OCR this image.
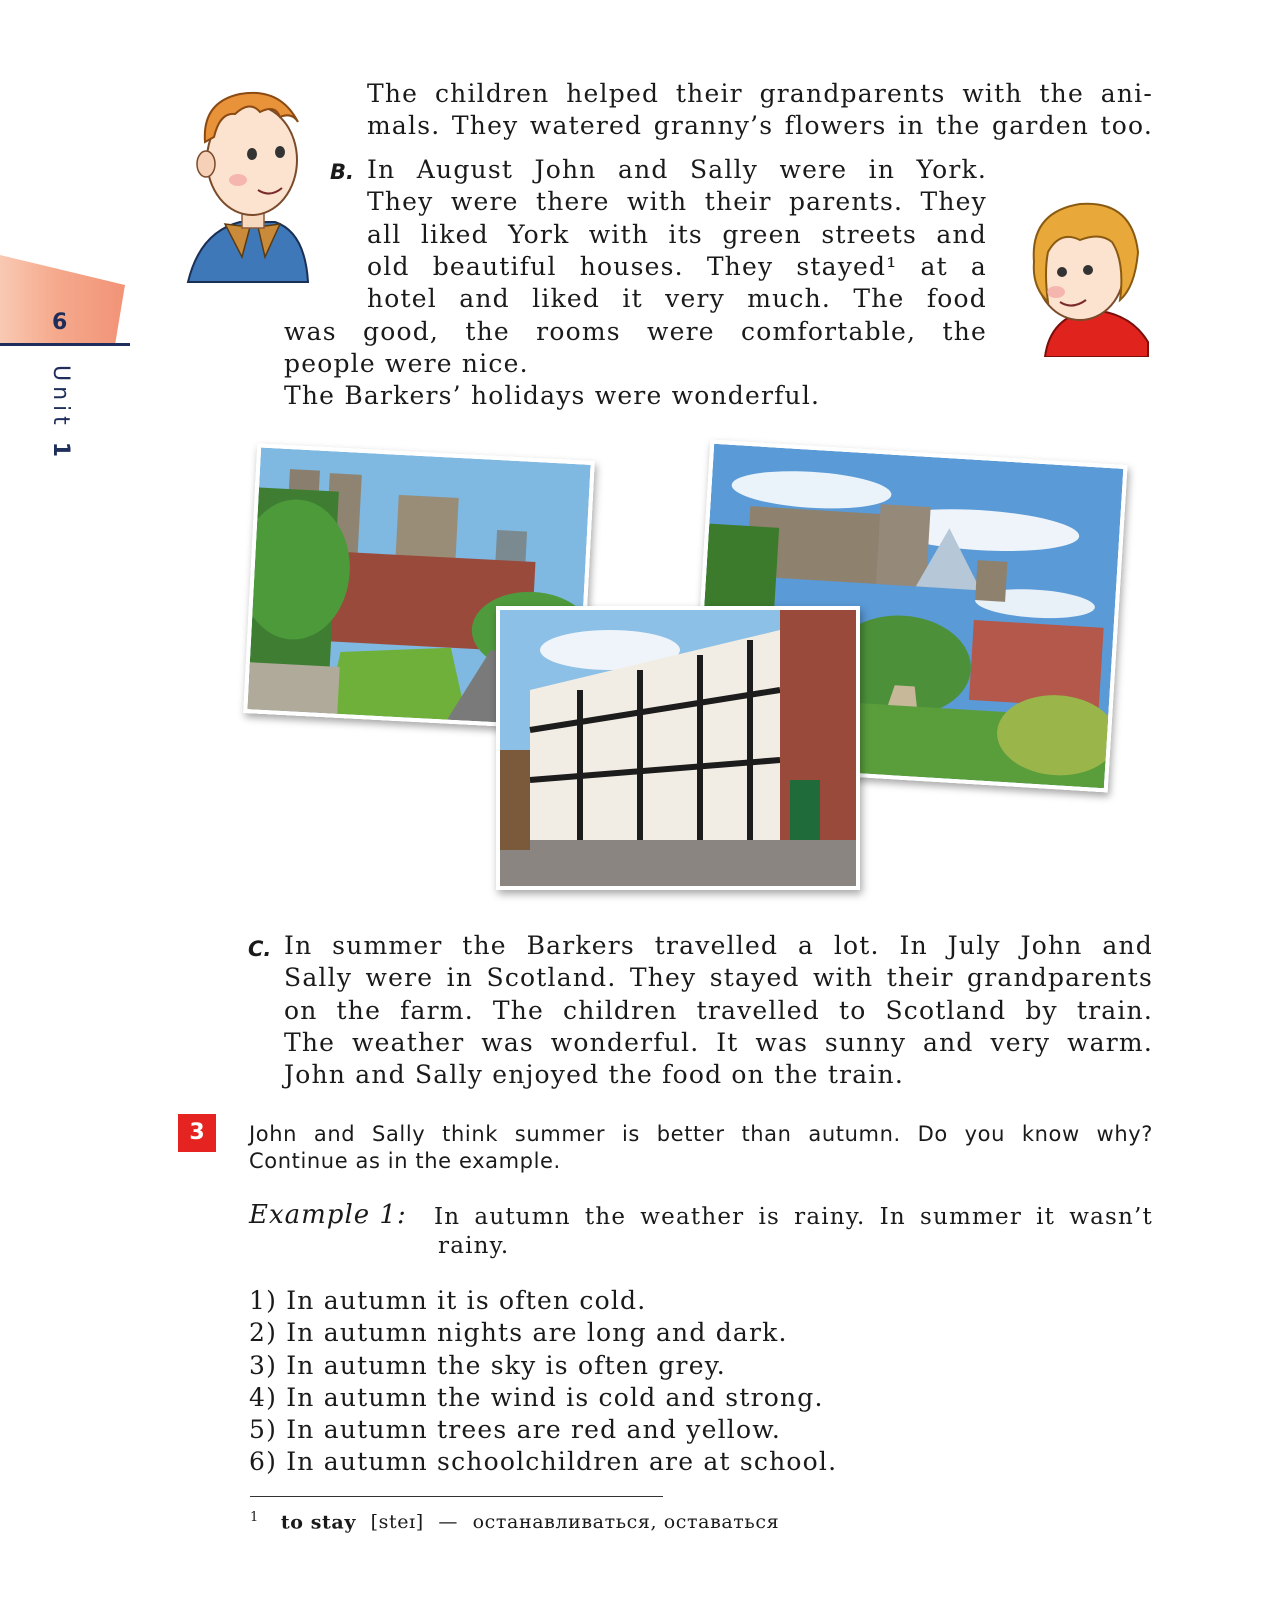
6
Unit 1
The children helped their grandparents with the ani-
mals. They watered granny’s flowers in the garden too.
B. In August John and Sally were in York.
They were there with their parents. They
all liked York with its green streets and
old beautiful houses. They stayed¹ at a
hotel and liked it very much. The food
was good, the rooms were comfortable, the
people were nice.
The Barkers’ holidays were wonderful.
C. In summer the Barkers travelled a lot. In July John and
Sally were in Scotland. They stayed with their grandparents
on the farm. The children travelled to Scotland by train.
The weather was wonderful. It was sunny and very warm.
John and Sally enjoyed the food on the train.
3	John and Sally think summer is better than autumn. Do you know why?
Continue as in the example.
Example 1: In autumn the weather is rainy. In summer it wasn’t
rainy.
1) In autumn it is often cold.
2) In autumn nights are long and dark.
3) In autumn the sky is often grey.
4) In autumn the wind is cold and strong.
5) In autumn trees are red and yellow.
6) In autumn schoolchildren are at school.
$^1$ to stay [steɪ] — останавливаться, оставаться
